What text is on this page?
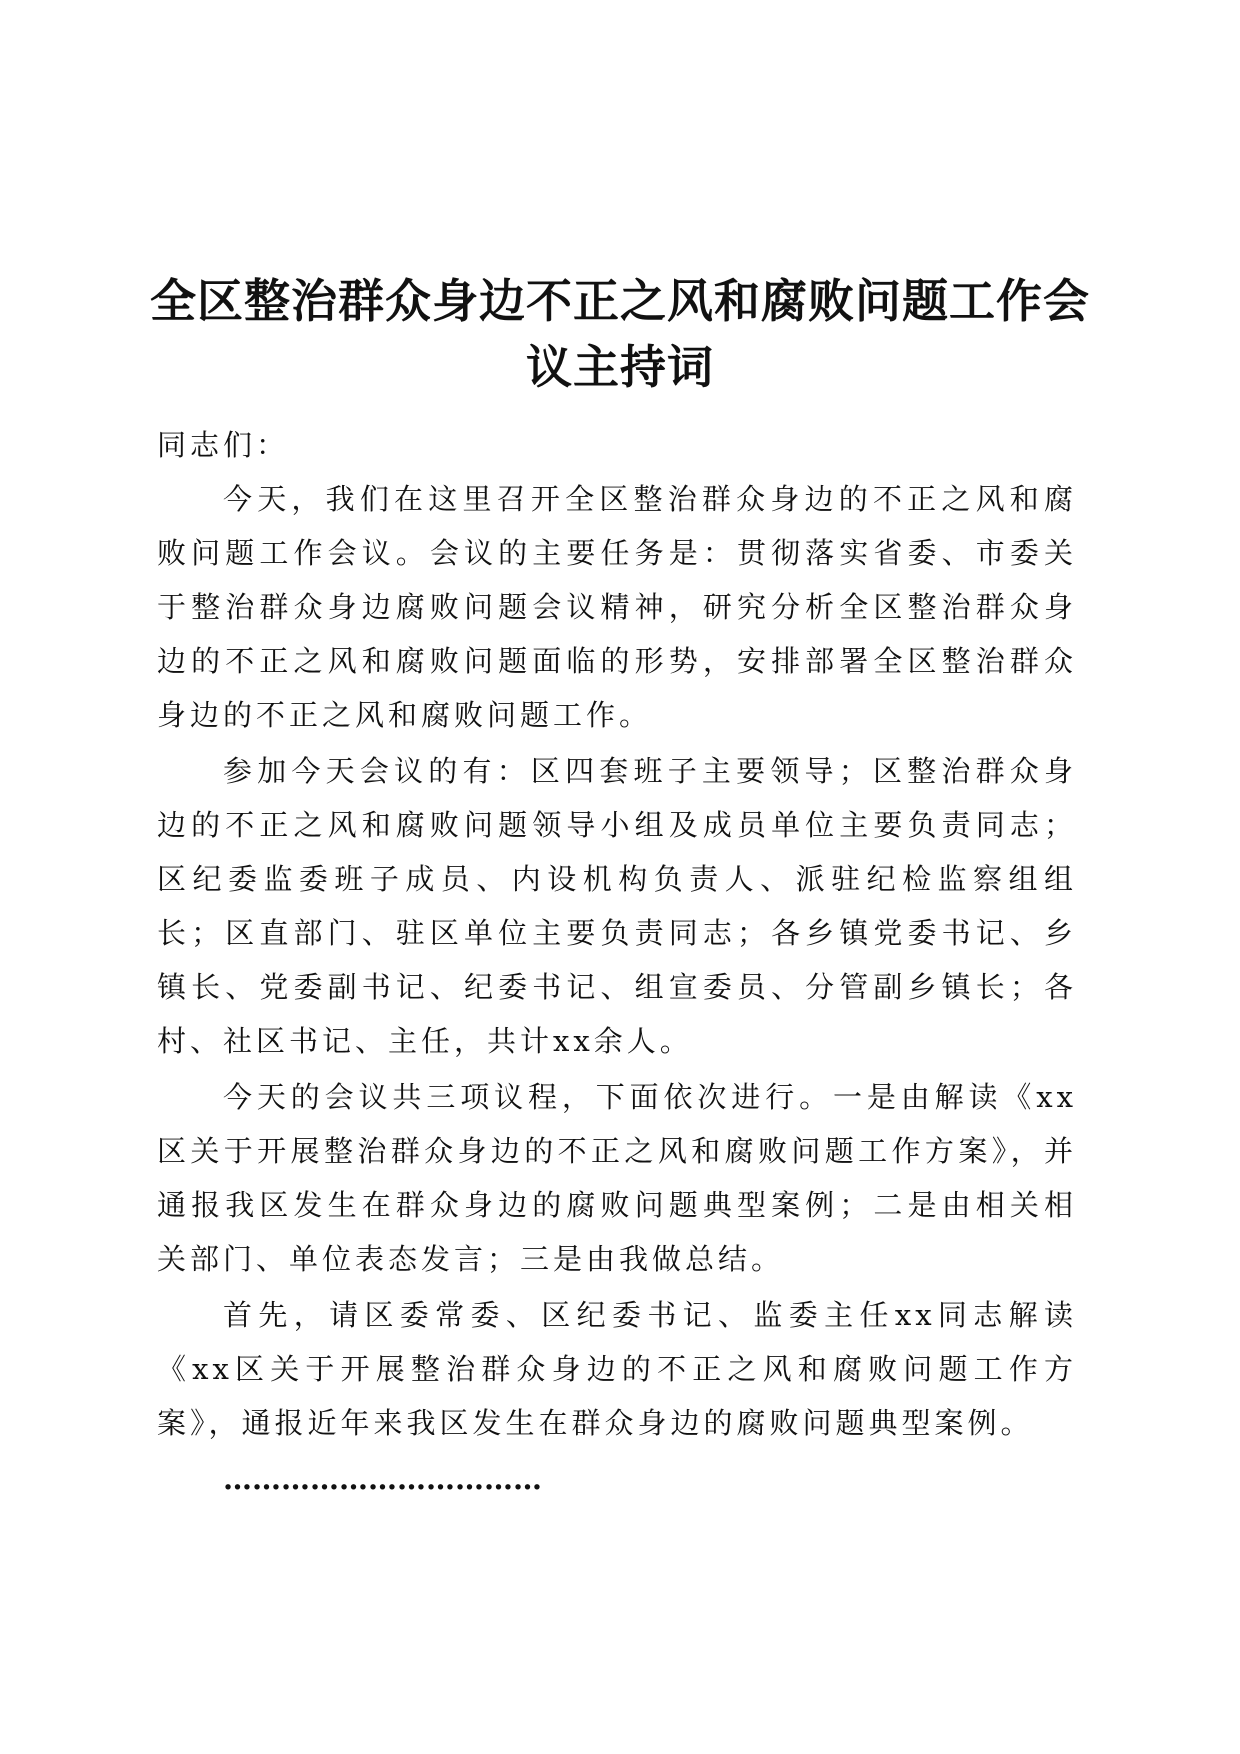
全区整治群众身边不正之风和腐败问题工作会议主持词

同志们：

今天，我们在这里召开全区整治群众身边的不正之风和腐败问题工作会议。会议的主要任务是：贯彻落实省委、市委关于整治群众身边腐败问题会议精神，研究分析全区整治群众身边的不正之风和腐败问题面临的形势，安排部署全区整治群众身边的不正之风和腐败问题工作。

参加今天会议的有：区四套班子主要领导；区整治群众身边的不正之风和腐败问题领导小组及成员单位主要负责同志；区纪委监委班子成员、内设机构负责人、派驻纪检监察组组长；区直部门、驻区单位主要负责同志；各乡镇党委书记、乡镇长、党委副书记、纪委书记、组宣委员、分管副乡镇长；各村、社区书记、主任，共计xx余人。

今天的会议共三项议程，下面依次进行。一是由解读《xx区关于开展整治群众身边的不正之风和腐败问题工作方案》，并通报我区发生在群众身边的腐败问题典型案例；二是由相关相关部门、单位表态发言；三是由我做总结。

首先，请区委常委、区纪委书记、监委主任xx同志解读《xx区关于开展整治群众身边的不正之风和腐败问题工作方案》，通报近年来我区发生在群众身边的腐败问题典型案例。

……………………………
